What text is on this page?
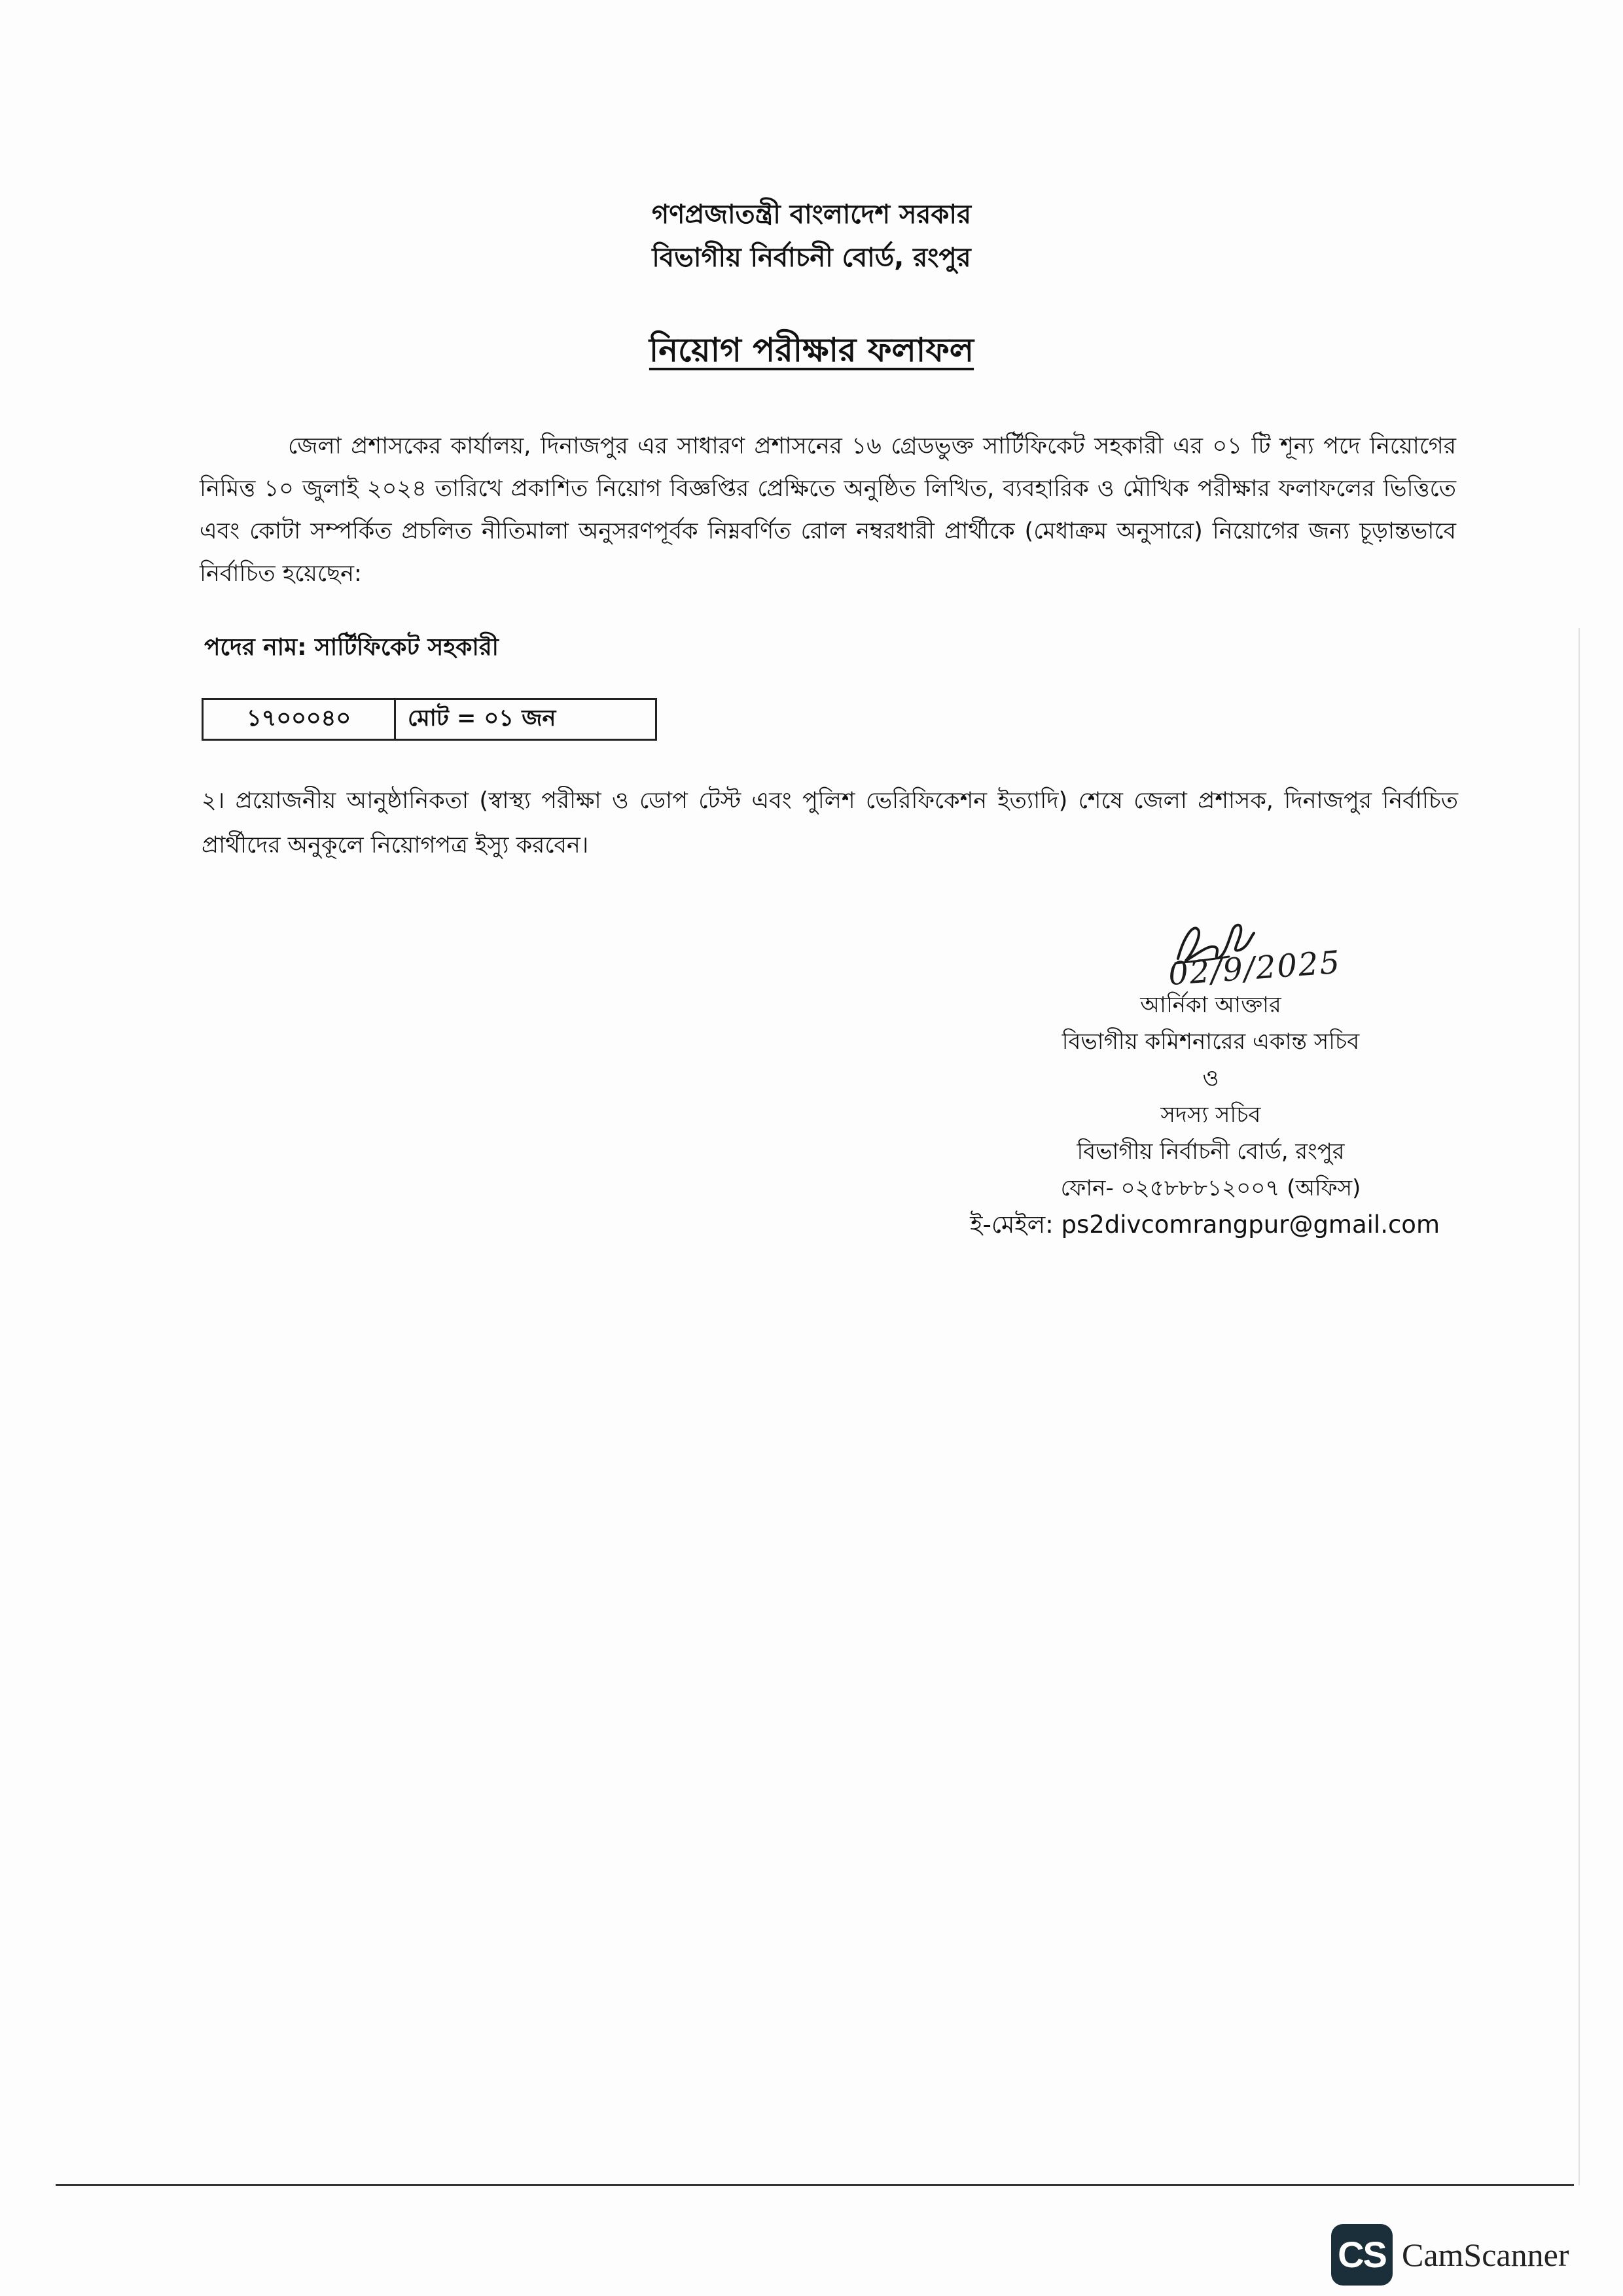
গণপ্রজাতন্ত্রী বাংলাদেশ সরকার
বিভাগীয় নির্বাচনী বোর্ড, রংপুর
নিয়োগ পরীক্ষার ফলাফল
জেলা প্রশাসকের কার্যালয়, দিনাজপুর এর সাধারণ প্রশাসনের ১৬ গ্রেডভুক্ত সার্টিফিকেট সহকারী এর ০১ টি শূন্য পদে নিয়োগের নিমিত্ত ১০ জুলাই ২০২৪ তারিখে প্রকাশিত নিয়োগ বিজ্ঞপ্তির প্রেক্ষিতে অনুষ্ঠিত লিখিত, ব্যবহারিক ও মৌখিক পরীক্ষার ফলাফলের ভিত্তিতে এবং কোটা সম্পর্কিত প্রচলিত নীতিমালা অনুসরণপূর্বক নিম্নবর্ণিত রোল নম্বরধারী প্রার্থীকে (মেধাক্রম অনুসারে) নিয়োগের জন্য চূড়ান্তভাবে নির্বাচিত হয়েছেন:
পদের নাম: সার্টিফিকেট সহকারী
১৭০০০৪০	মোট = ০১ জন
২। প্রয়োজনীয় আনুষ্ঠানিকতা (স্বাস্থ্য পরীক্ষা ও ডোপ টেস্ট এবং পুলিশ ভেরিফিকেশন ইত্যাদি) শেষে জেলা প্রশাসক, দিনাজপুর নির্বাচিত প্রার্থীদের অনুকূলে নিয়োগপত্র ইস্যু করবেন।
02/9/2025
আর্নিকা আক্তার
বিভাগীয় কমিশনারের একান্ত সচিব
ও
সদস্য সচিব
বিভাগীয় নির্বাচনী বোর্ড, রংপুর
ফোন- ০২৫৮৮৮১২০০৭ (অফিস)
ই-মেইল: ps2divcomrangpur@gmail.com
CS CamScanner
